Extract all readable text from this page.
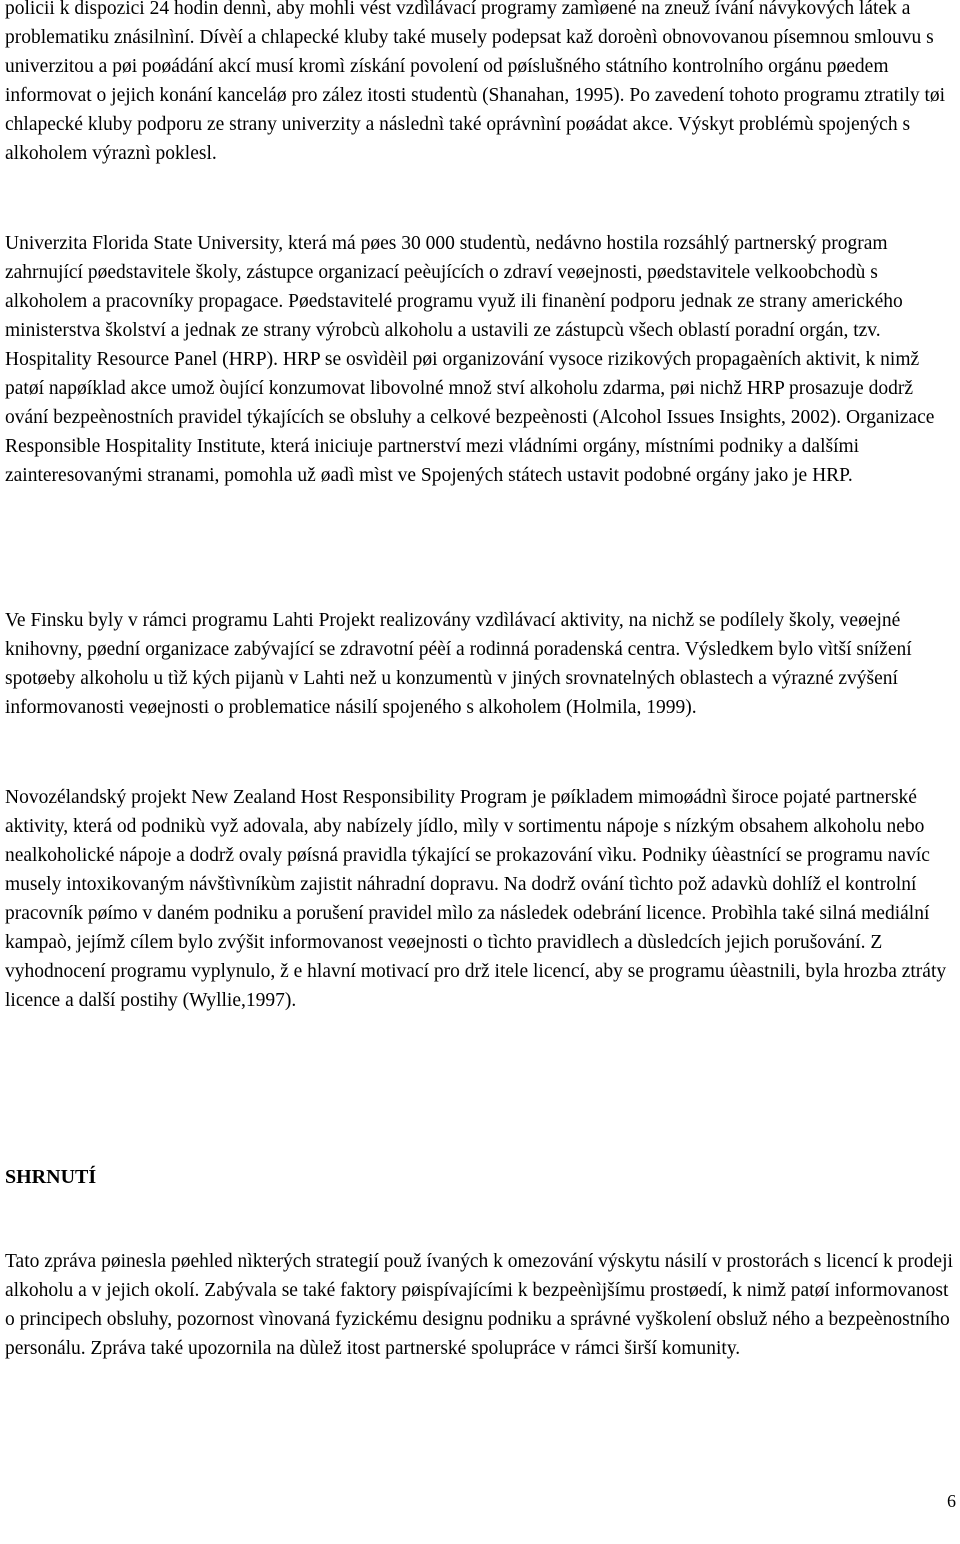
policii k dispozici 24 hodin dennì, aby mohli vést vzdìlávací programy zamìøené na zneuž ívání návykových látek a problematiku znásilnìní. Dívèí a chlapecké kluby také musely podepsat kaž doroènì obnovovanou písemnou smlouvu s univerzitou a pøi poøádání akcí musí kromì získání povolení od pøíslušného státního kontrolního orgánu pøedem informovat o jejich konání kanceláø pro zález itosti studentù (Shanahan, 1995). Po zavedení tohoto programu ztratily tøi chlapecké kluby podporu ze strany univerzity a následnì také oprávnìní poøádat akce. Výskyt problémù spojených s alkoholem výraznì poklesl.

Univerzita Florida State University, která má pøes 30 000 studentù, nedávno hostila rozsáhlý partnerský program zahrnující pøedstavitele školy, zástupce organizací peèujících o zdraví veøejnosti, pøedstavitele velkoobchodù s alkoholem a pracovníky propagace. Pøedstavitelé programu využ ili finanèní podporu jednak ze strany amerického ministerstva školství a jednak ze strany výrobcù alkoholu a ustavili ze zástupcù všech oblastí poradní orgán, tzv. Hospitality Resource Panel (HRP). HRP se osvìdèil pøi organizování vysoce rizikových propagaèních aktivit, k nimž patøí napøíklad akce umož òující konzumovat libovolné množ ství alkoholu zdarma, pøi nichž HRP prosazuje dodrž ování bezpeènostních pravidel týkajících se obsluhy a celkové bezpeènosti (Alcohol Issues Insights, 2002). Organizace Responsible Hospitality Institute, která iniciuje partnerství mezi vládními orgány, místními podniky a dalšími zainteresovanými stranami, pomohla už øadì mìst ve Spojených státech ustavit podobné orgány jako je HRP.

Ve Finsku byly v rámci programu Lahti Projekt realizovány vzdìlávací aktivity, na nichž se podílely školy, veøejné knihovny, pøední organizace zabývající se zdravotní péèí a rodinná poradenská centra. Výsledkem bylo vìtší snížení spotøeby alkoholu u tìž kých pijanù v Lahti než u konzumentù v jiných srovnatelných oblastech a výrazné zvýšení informovanosti veøejnosti o problematice násilí spojeného s alkoholem (Holmila, 1999).

Novozélandský projekt New Zealand Host Responsibility Program je pøíkladem mimoøádnì široce pojaté partnerské aktivity, která od podnikù vyž adovala, aby nabízely jídlo, mìly v sortimentu nápoje s nízkým obsahem alkoholu nebo nealkoholické nápoje a dodrž ovaly pøísná pravidla týkající se prokazování vìku. Podniky úèastnící se programu navíc musely intoxikovaným návštìvníkùm zajistit náhradní dopravu. Na dodrž ování tìchto pož adavkù dohlíž el kontrolní pracovník pøímo v daném podniku a porušení pravidel mìlo za následek odebrání licence. Probìhla také silná mediální kampaò, jejímž cílem bylo zvýšit informovanost veøejnosti o tìchto pravidlech a dùsledcích jejich porušování. Z vyhodnocení programu vyplynulo, ž e hlavní motivací pro drž itele licencí, aby se programu úèastnili, byla hrozba ztráty licence a další postihy (Wyllie,1997).

SHRNUTÍ

Tato zpráva pøinesla pøehled nìkterých strategií použ ívaných k omezování výskytu násilí v prostorách s licencí k prodeji alkoholu a v jejich okolí. Zabývala se také faktory pøispívajícími k bezpeènìjšímu prostøedí, k nimž patøí informovanost o principech obsluhy, pozornost vìnovaná fyzickému designu podniku a správné vyškolení obsluž ného a bezpeènostního personálu. Zpráva také upozornila na dùlež itost partnerské spolupráce v rámci širší komunity.

6
